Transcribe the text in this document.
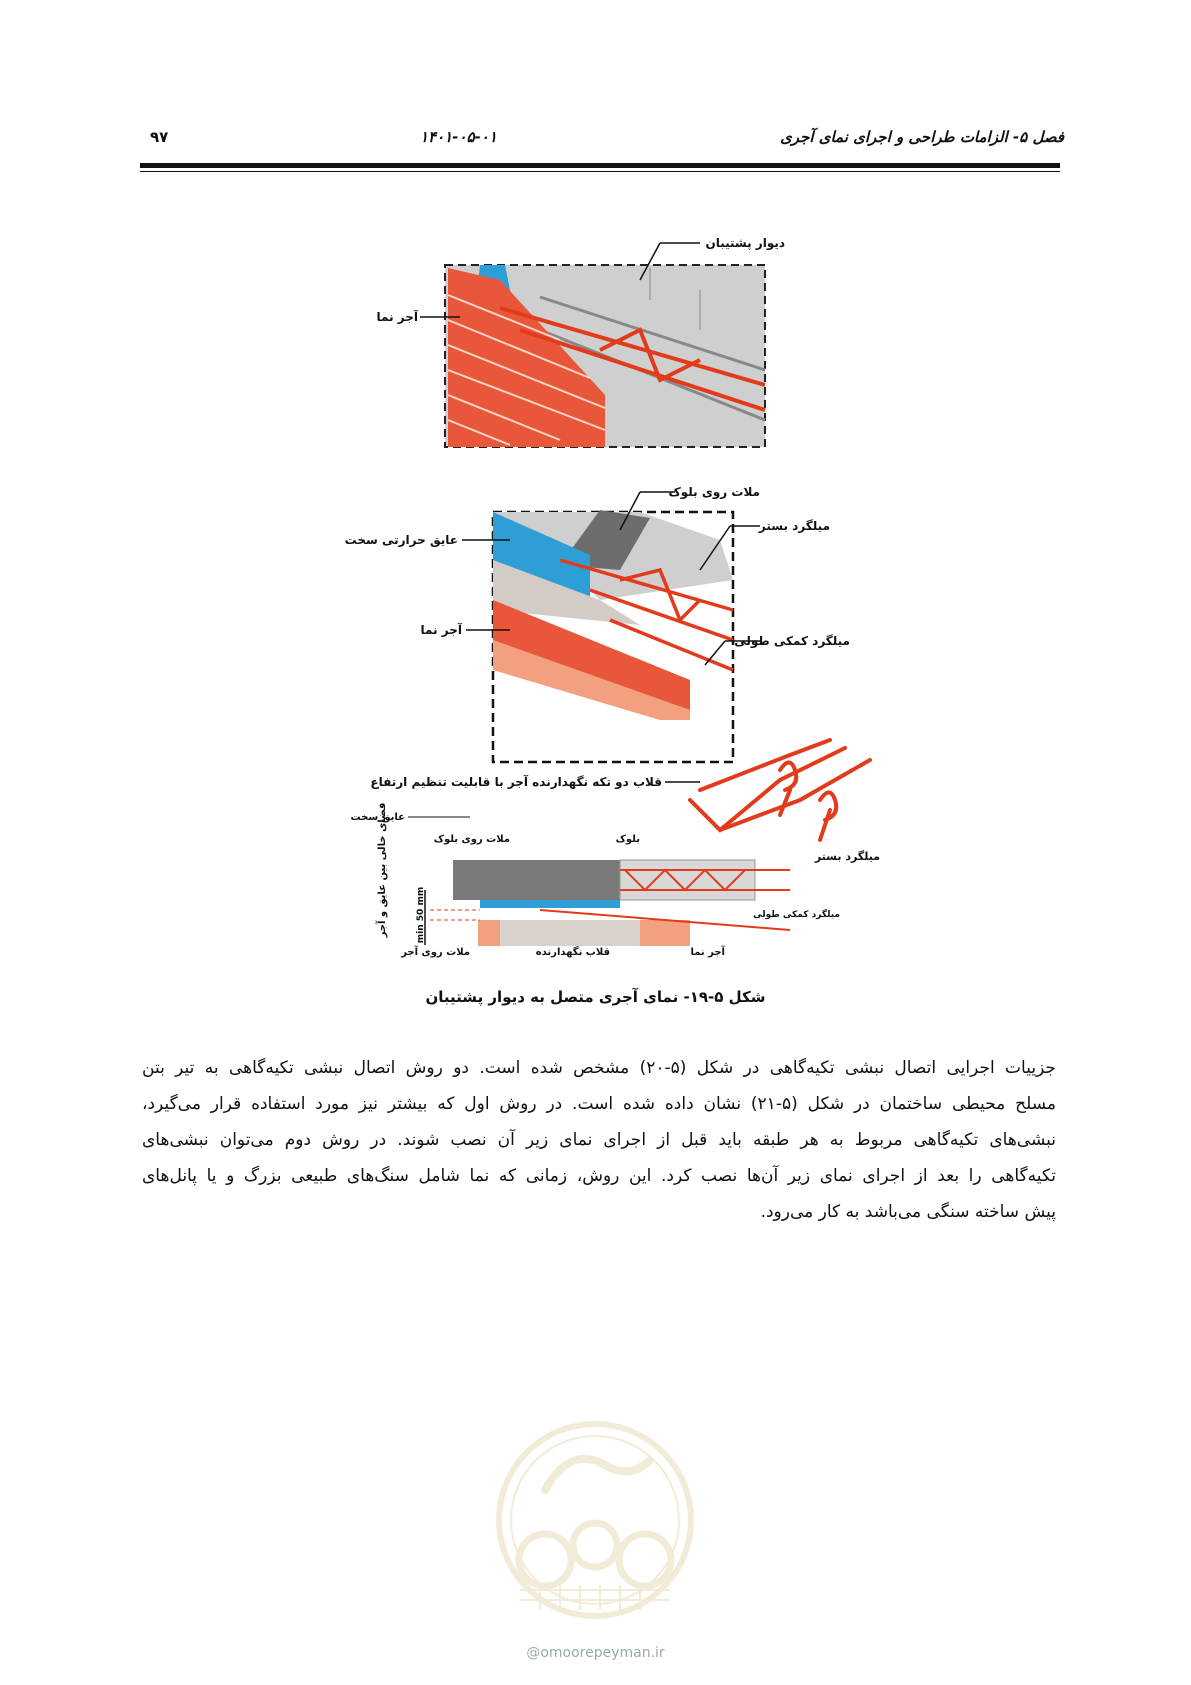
۹۷	۱۴۰۱-۰۵-۰۱	فصل ۵- الزامات طراحی و اجرای نمای آجری
دیوار پشتیبان
آجر نما
ملات روی بلوک
میلگرد بستر
عایق حرارتی سخت
آجر نما
میلگرد کمکی طولی
قلاب دو تکه نگهدارنده آجر با قابلیت تنظیم ارتفاع
میلگرد بستر
عایق سخت
ملات روی بلوک	بلوک
میلگرد کمکی طولی
ملات روی آجر	قلاب نگهدارنده	آجر نما
فضای خالی بین عایق و آجر	min 50 mm
شکل ۵-۱۹- نمای آجری متصل به دیوار پشتیبان
جزییات اجرایی اتصال نبشی تکیه‌گاهی در شکل (۵-۲۰) مشخص شده است. دو روش اتصال نبشی تکیه‌گاهی به تیر بتن
مسلح محیطی ساختمان در شکل (۵-۲۱) نشان داده شده است. در روش اول که بیشتر نیز مورد استفاده قرار می‌گیرد،
نبشی‌های تکیه‌گاهی مربوط به هر طبقه باید قبل از اجرای نمای زیر آن نصب شوند. در روش دوم می‌توان نبشی‌های
تکیه‌گاهی را بعد از اجرای نمای زیر آن‌ها نصب کرد. این روش، زمانی که نما شامل سنگ‌های طبیعی بزرگ و یا پانل‌های
پیش ساخته سنگی می‌باشد به کار می‌رود.
@omoorepeyman.ir
